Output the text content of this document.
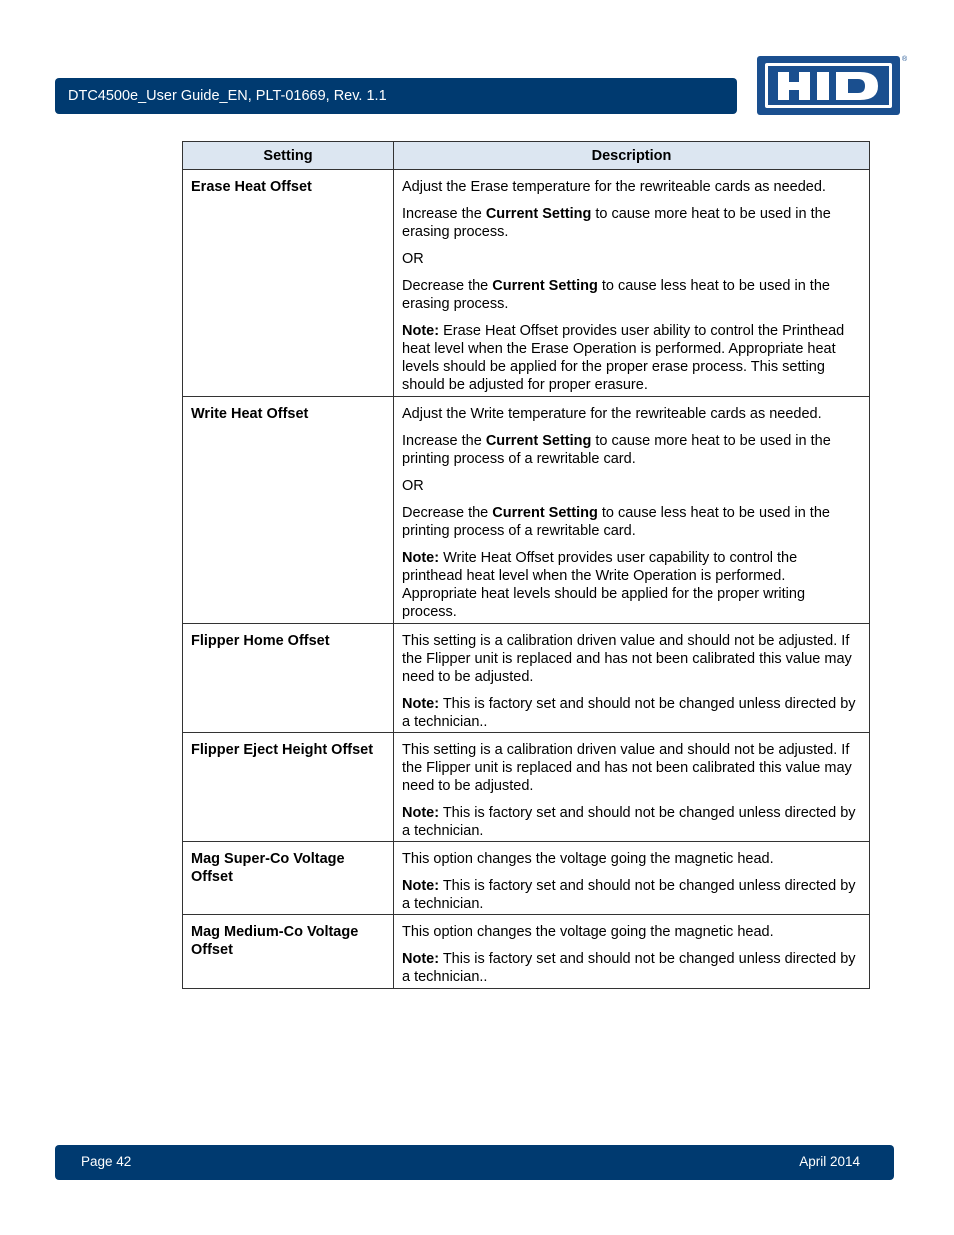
DTC4500e_User Guide_EN, PLT-01669, Rev. 1.1
®
Setting	Description
Erase Heat Offset	Adjust the Erase temperature for the rewriteable cards as needed.

Increase the Current Setting to cause more heat to be used in the erasing process.

OR

Decrease the Current Setting to cause less heat to be used in the erasing process.

Note: Erase Heat Offset provides user ability to control the Printhead heat level when the Erase Operation is performed. Appropriate heat levels should be applied for the proper erase process. This setting should be adjusted for proper erasure.

Write Heat Offset	Adjust the Write temperature for the rewriteable cards as needed.

Increase the Current Setting to cause more heat to be used in the printing process of a rewritable card.

OR

Decrease the Current Setting to cause less heat to be used in the printing process of a rewritable card.

Note: Write Heat Offset provides user capability to control the printhead heat level when the Write Operation is performed. Appropriate heat levels should be applied for the proper writing process.

Flipper Home Offset	This setting is a calibration driven value and should not be adjusted. If the Flipper unit is replaced and has not been calibrated this value may need to be adjusted.

Note: This is factory set and should not be changed unless directed by a technician..

Flipper Eject Height Offset	This setting is a calibration driven value and should not be adjusted. If the Flipper unit is replaced and has not been calibrated this value may need to be adjusted.

Note: This is factory set and should not be changed unless directed by a technician.

Mag Super-Co Voltage Offset	This option changes the voltage going the magnetic head.

Note: This is factory set and should not be changed unless directed by a technician.

Mag Medium-Co Voltage Offset	This option changes the voltage going the magnetic head.

Note: This is factory set and should not be changed unless directed by a technician..

Page 42	April 2014
